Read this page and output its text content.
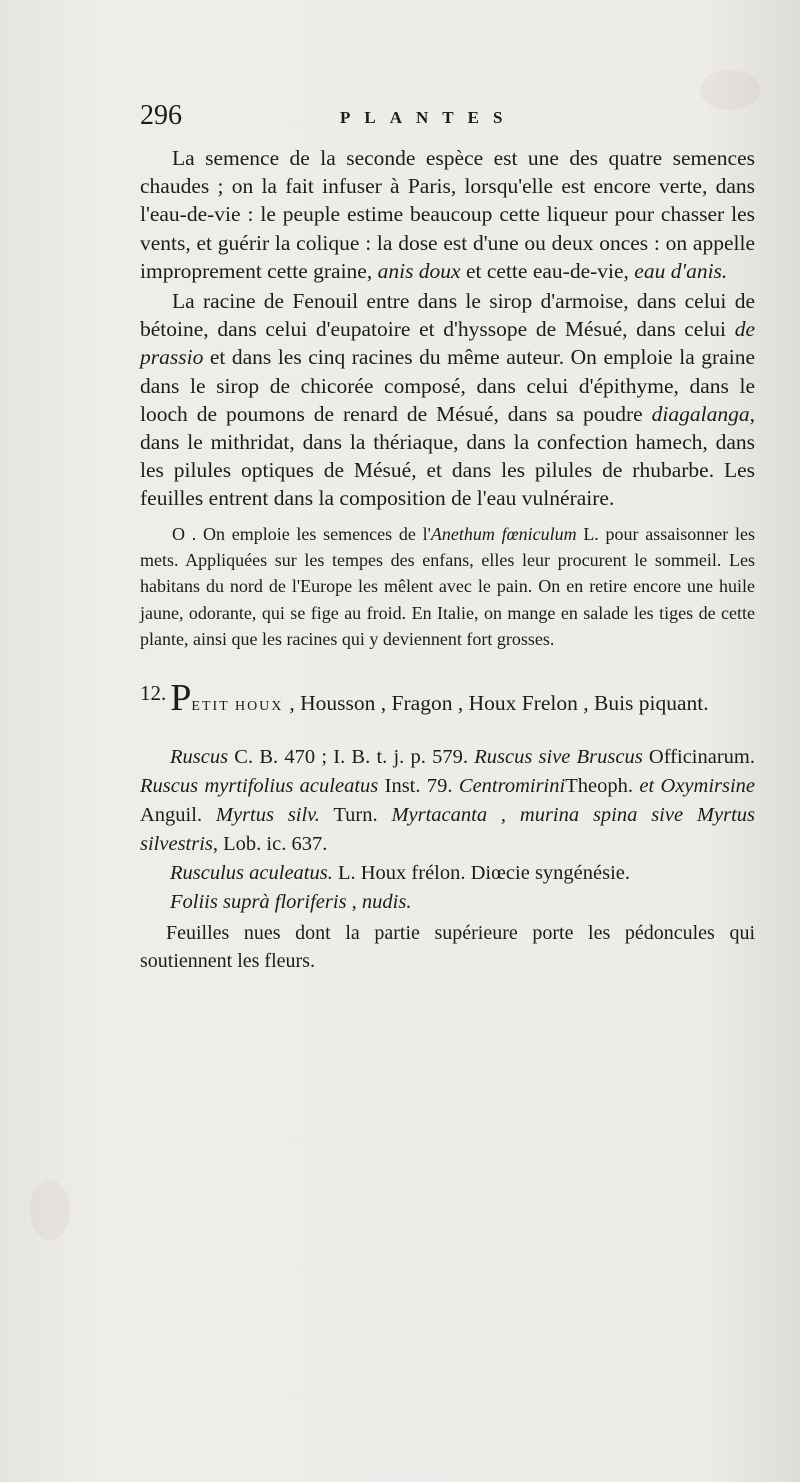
296	PLANTES

La semence de la seconde espèce est une des quatre semences chaudes ; on la fait infuser à Paris, lorsqu'elle est encore verte, dans l'eau-de-vie : le peuple estime beaucoup cette liqueur pour chasser les vents, et guérir la colique : la dose est d'une ou deux onces : on appelle improprement cette graine, anis doux et cette eau-de-vie, eau d'anis.

La racine de Fenouil entre dans le sirop d'armoise, dans celui de bétoine, dans celui d'eupatoire et d'hyssope de Mésué, dans celui de prassio et dans les cinq racines du même auteur. On emploie la graine dans le sirop de chicorée composé, dans celui d'épithyme, dans le looch de poumons de renard de Mésué, dans sa poudre diagalanga, dans le mithridat, dans la thériaque, dans la confection hamech, dans les pilules optiques de Mésué, et dans les pilules de rhubarbe. Les feuilles entrent dans la composition de l'eau vulnéraire.

O . On emploie les semences de l'Anethum fœniculum L. pour assaisonner les mets. Appliquées sur les tempes des enfans, elles leur procurent le sommeil. Les habitans du nord de l'Europe les mêlent avec le pain. On en retire encore une huile jaune, odorante, qui se fige au froid. En Italie, on mange en salade les tiges de cette plante, ainsi que les racines qui y deviennent fort grosses.

12. PETIT HOUX , Housson , Fragon , Houx Frelon , Buis piquant.

Ruscus C. B. 470 ; I. B. t. j. p. 579. Ruscus sive Bruscus Officinarum. Ruscus myrtifolius aculeatus Inst. 79. CentromiriniTheoph. et Oxymirsine Anguil. Myrtus silv. Turn. Myrtacanta , murina spina sive Myrtus silvestris, Lob. ic. 637.

Rusculus aculeatus. L. Houx frélon. Diœcie syngénésie.

Foliis suprà floriferis , nudis.

Feuilles nues dont la partie supérieure porte les pédoncules qui soutiennent les fleurs.
